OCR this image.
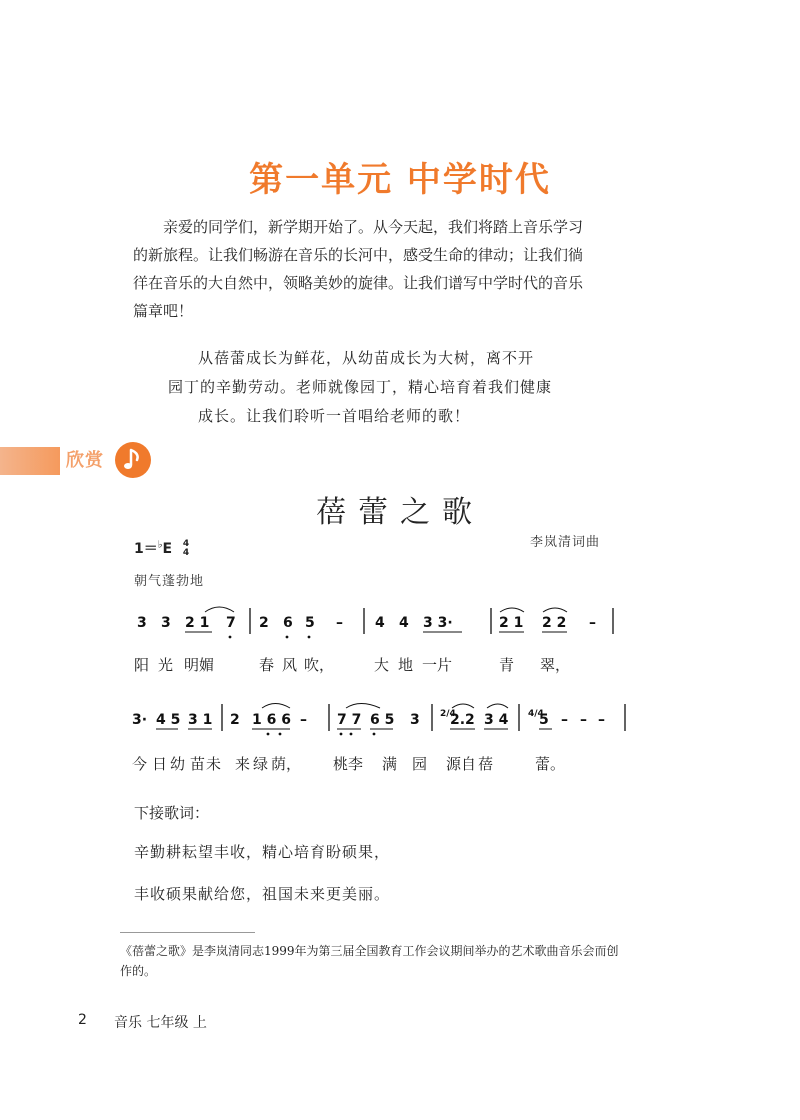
第一单元 中学时代

　　亲爱的同学们，新学期开始了。从今天起，我们将踏上音乐学习

的新旅程。让我们畅游在音乐的长河中，感受生命的律动；让我们徜

徉在音乐的大自然中，领略美妙的旋律。让我们谱写中学时代的音乐

篇章吧！

从蓓蕾成长为鲜花，从幼苗成长为大树，离不开

园丁的辛勤劳动。老师就像园丁，精心培育着我们健康

成长。让我们聆听一首唱给老师的歌！

欣赏
蓓蕾之歌
李岚清词曲
1＝♭E 4
4
朝气蓬勃地
3 3 2 1 7 2 6 5 – 4 4 3 3·	2 1 2 2 –
阳 光 明媚	春 风 吹，	大 地 一片	青 翠，
3· 4 5 3 1 2 1 6 6 – 7 7 6 5 3 2.2 3 4 5 – – –
2/4	4/4
今 日 幼 苗 未 来 绿 荫， 桃李 满 园 源自 蓓	蕾。
下接歌词：
辛勤耕耘望丰收，精心培育盼硕果，
丰收硕果献给您，祖国未来更美丽。
《蓓蕾之歌》是李岚清同志1999年为第三届全国教育工作会议期间举办的艺术歌曲音乐会而创作的。
2 音乐 七年级 上
